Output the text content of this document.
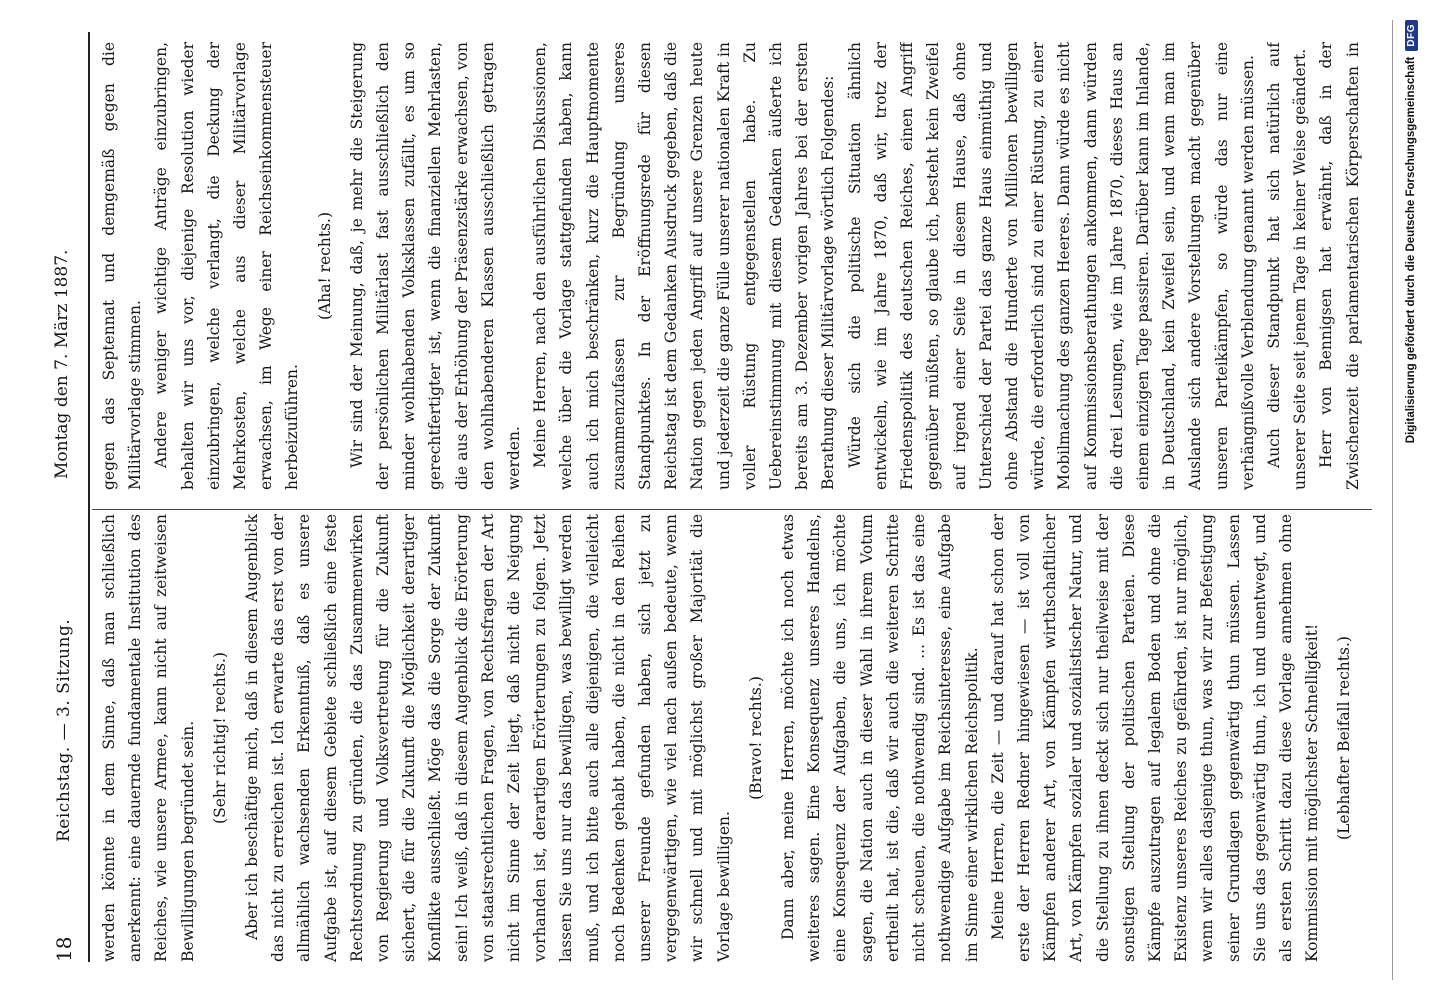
18
Reichstag. — 3. Sitzung.
Montag den 7. März 1887.

werden könnte in dem Sinne, daß man schließlich anerkennt: eine dauernde fundamentale Institution des Reiches, wie unsere Armee, kann nicht auf zeitweisen Bewilligungen begründet sein. (Sehr richtig! rechts.) Aber ich beschäftige mich, daß in diesem Augenblick das nicht zu erreichen ist. Ich erwarte das erst von der allmählich wachsenden Erkenntniß, daß es unsere Aufgabe ist, auf diesem Gebiete schließlich eine feste Rechtsordnung zu gründen, die das Zusammenwirken von Regierung und Volksvertretung für die Zukunft sichert, die für die Zukunft die Möglichkeit derartiger Konflikte ausschließt. Möge das die Sorge der Zukunft sein! Ich weiß, daß in diesem Augenblick die Erörterung von staatsrechtlichen Fragen, von Rechtsfragen der Art nicht im Sinne der Zeit liegt, daß nicht die Neigung vorhanden ist, derartigen Erörterungen zu folgen. Jetzt lassen Sie uns nur das bewilligen, was bewilligt werden muß, und ich bitte auch alle diejenigen, die vielleicht noch Bedenken gehabt haben, die nicht in den Reihen unserer Freunde gefunden haben, sich jetzt zu vergegenwärtigen, wie viel nach außen bedeute, wenn wir schnell und mit möglichst großer Majorität die Vorlage bewilligen.

(Bravo! rechts.) Dann aber, meine Herren, möchte ich noch etwas weiteres sagen. Eine Konsequenz unseres Handelns, eine Konsequenz der Aufgaben, die uns, ich möchte sagen, die Nation auch in dieser Wahl in ihrem Votum ertheilt hat, ist die, daß wir auch die weiteren Schritte nicht scheuen, die nothwendig sind. ... Es ist das eine nothwendige Aufgabe im Reichsinteresse, eine Aufgabe im Sinne einer wirklichen Reichspolitik. Meine Herren, die Zeit — und darauf hat schon der erste der Herren Redner hingewiesen — ist voll von Kämpfen anderer Art, von Kämpfen wirthschaftlicher Art, von Kämpfen sozialer und sozialistischer Natur, und die Stellung zu ihnen deckt sich nur theilweise mit der sonstigen Stellung der politischen Parteien. Diese Kämpfe auszutragen auf legalem Boden und ohne die Existenz unseres Reiches zu gefährden, ist nur möglich, wenn wir alles dasjenige thun, was wir zur Befestigung seiner Grundlagen gegenwärtig thun müssen. Lassen Sie uns das gegenwärtig thun, ich und unentwegt, und als ersten Schritt dazu diese Vorlage annehmen ohne Kommission mit möglichster Schnelligkeit! (Lebhafter Beifall rechts.)

gegen das Septennat und demgemäß gegen die Militärvorlage stimmen. Andere weniger wichtige Anträge einzubringen, behalten wir uns vor, diejenige Resolution wieder einzubringen, welche verlangt, die Deckung der Mehrkosten, welche aus dieser Militärvorlage erwachsen, im Wege einer Reichseinkommensteuer herbeizuführen.

(Aha! rechts.) Wir sind der Meinung, daß, je mehr die Steigerung der persönlichen Militärlast fast ausschließlich den minder wohlhabenden Volksklassen zufällt, es um so gerechtfertigter ist, wenn die finanziellen Mehrlasten, die aus der Erhöhung der Präsenzstärke erwachsen, von den wohlhabenderen Klassen ausschließlich getragen werden. Meine Herren, nach den ausführlichen Diskussionen, welche über die Vorlage stattgefunden haben, kann auch ich mich beschränken, kurz die Hauptmomente zusammenzufassen zur Begründung unseres Standpunktes. In der Eröffnungsrede für diesen Reichstag ist dem Gedanken Ausdruck gegeben, daß die Nation gegen jeden Angriff auf unsere Grenzen heute und jederzeit die ganze Fülle unserer nationalen Kraft in voller Rüstung entgegenstellen habe. Zu Uebereinstimmung mit diesem Gedanken äußerte ich bereits am 3. Dezember vorigen Jahres bei der ersten Berathung dieser Militärvorlage wörtlich Folgendes: Würde sich die politische Situation ähnlich entwickeln, wie im Jahre 1870, daß wir, trotz der Friedenspolitik des deutschen Reiches, einen Angriff gegenüber müßten, so glaube ich, besteht kein Zweifel auf irgend einer Seite in diesem Hause, daß ohne Unterschied der Partei das ganze Haus einmüthig und ohne Abstand die Hunderte von Millionen bewilligen würde, die erforderlich sind zu einer Rüstung, zu einer Mobilmachung des ganzen Heeres. Dann würde es nicht auf Kommissionsberathungen ankommen, dann würden die drei Lesungen, wie im Jahre 1870, dieses Haus an einem einzigen Tage passiren. Darüber kann im Inlande, in Deutschland, kein Zweifel sein, und wenn man im Auslande sich andere Vorstellungen macht gegenüber unseren Parteikämpfen, so würde das nur eine verhängnißvolle Verblendung genannt werden müssen. Auch dieser Standpunkt hat sich natürlich auf unserer Seite seit jenem Tage in keiner Weise geändert. Herr von Bennigsen hat erwähnt, daß in der Zwischenzeit die parlamentarischen Körperschaften in

Digitalisierung gefördert durch die Deutsche Forschungsgemeinschaft
DFG
